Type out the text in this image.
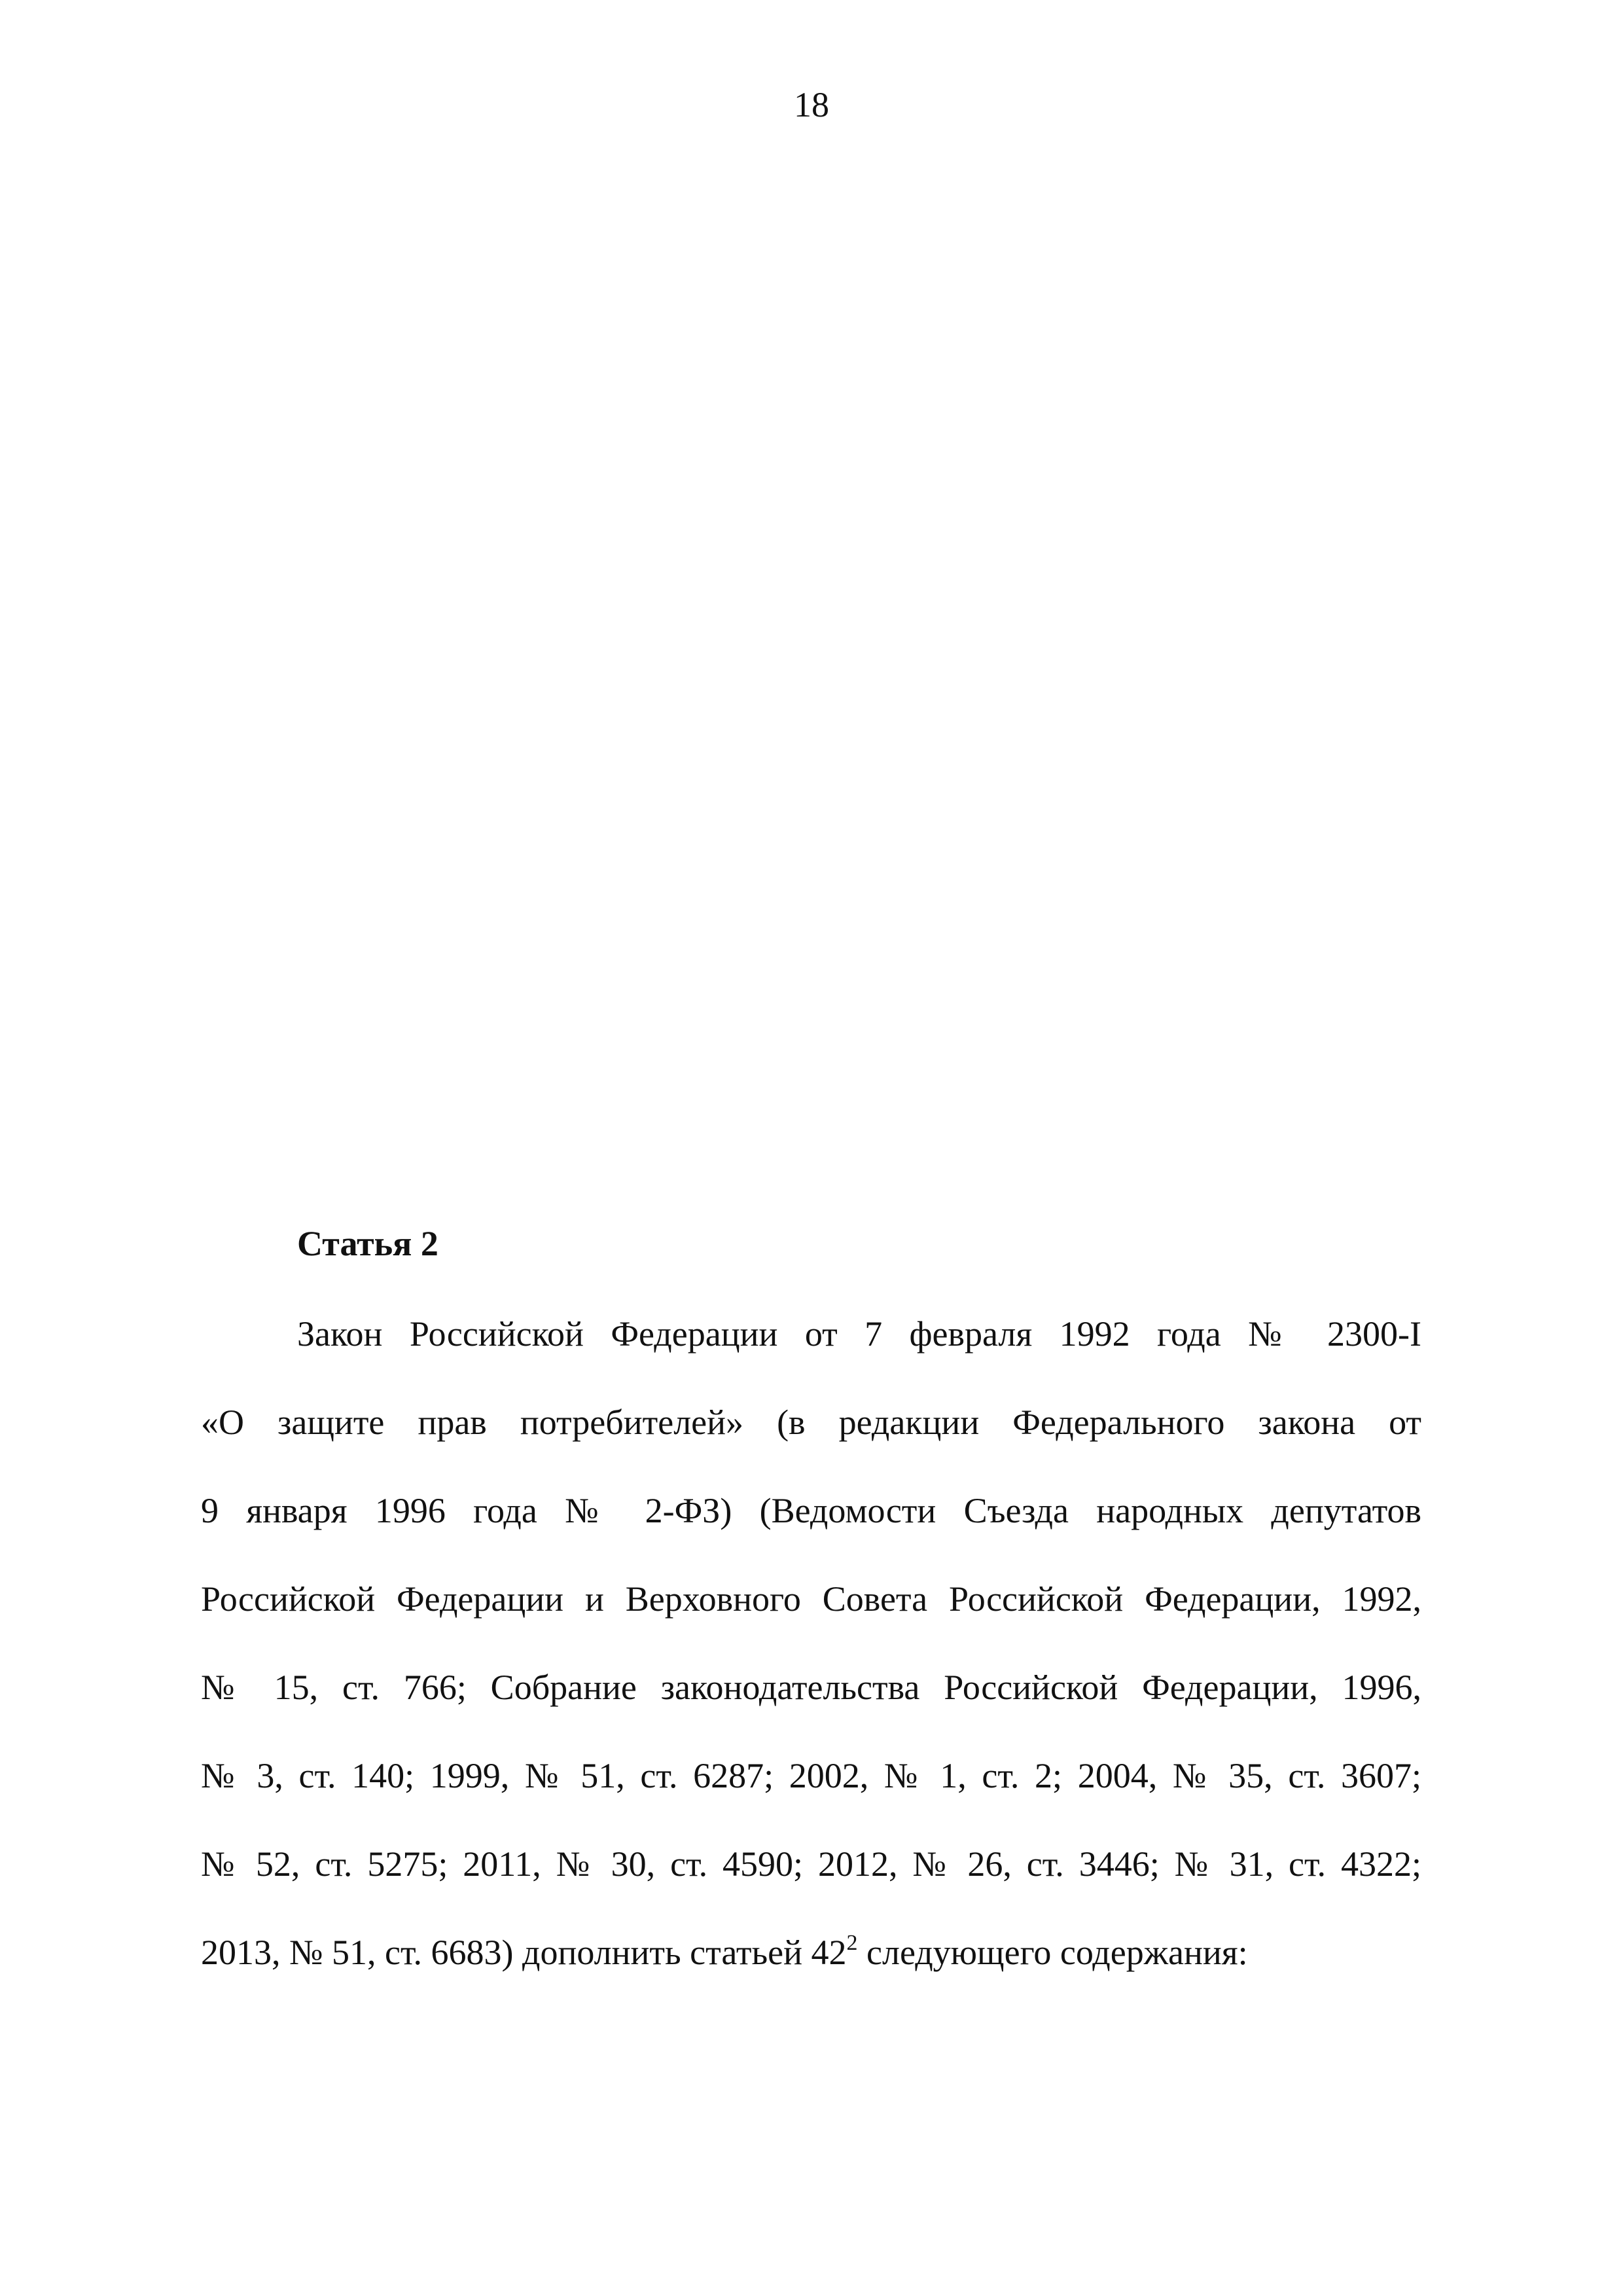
18
Статья 2
Закон Российской Федерации от 7 февраля 1992 года № 2300-I
«О защите прав потребителей» (в редакции Федерального закона от
9 января 1996 года № 2-ФЗ) (Ведомости Съезда народных депутатов
Российской Федерации и Верховного Совета Российской Федерации, 1992,
№ 15, ст. 766; Собрание законодательства Российской Федерации, 1996,
№ 3, ст. 140; 1999, № 51, ст. 6287; 2002, № 1, ст. 2; 2004, № 35, ст. 3607;
№ 52, ст. 5275; 2011, № 30, ст. 4590; 2012, № 26, ст. 3446; № 31, ст. 4322;
2013, № 51, ст. 6683) дополнить статьей $42^2$ следующего содержания:
